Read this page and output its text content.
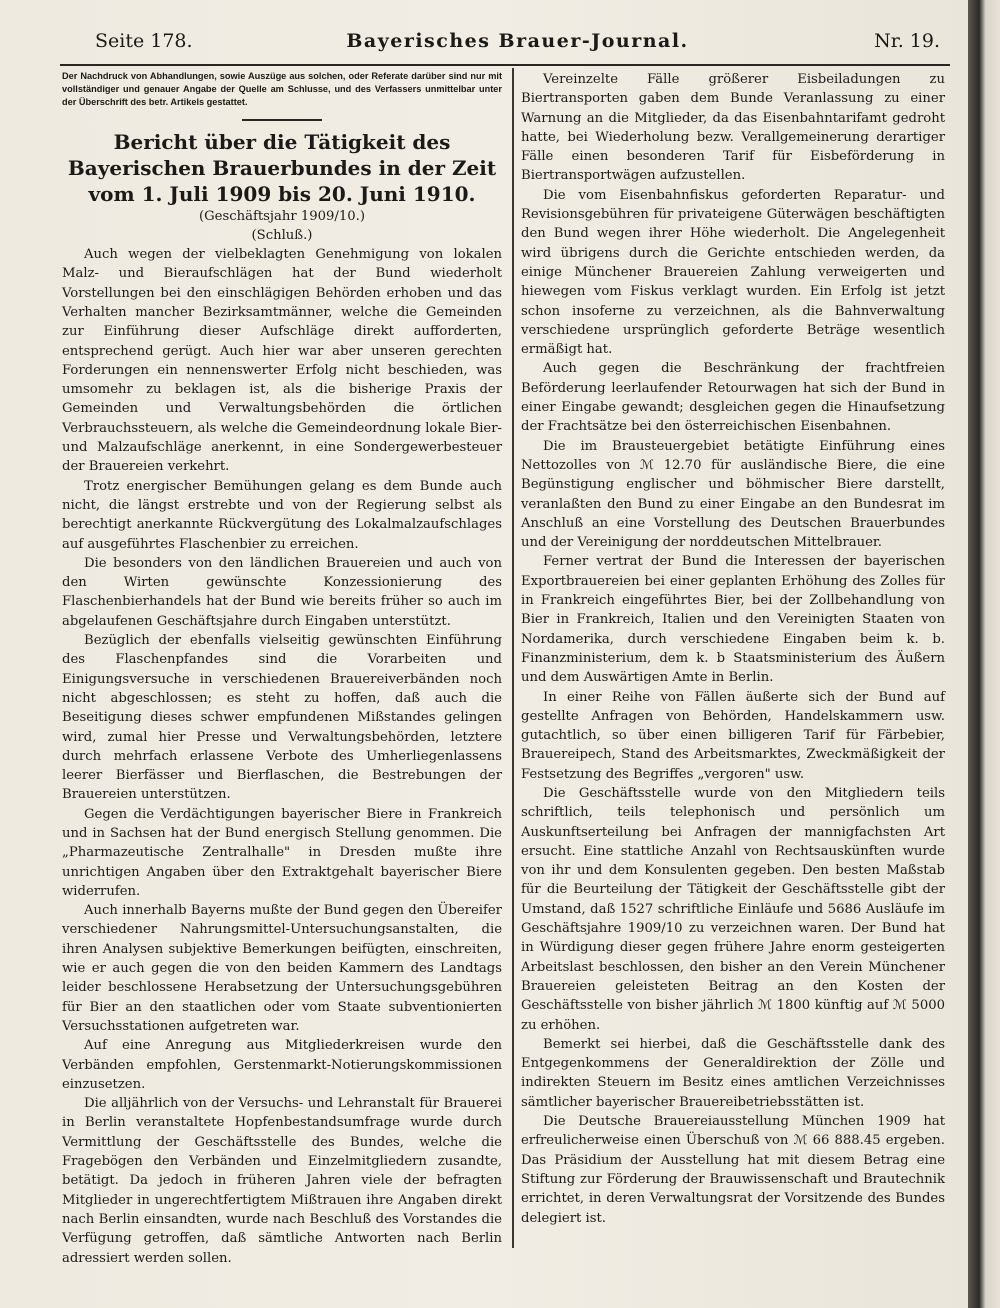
Seite 178.	Bayerisches Brauer-Journal.	Nr. 19.

Der Nachdruck von Abhandlungen, sowie Auszüge aus solchen, oder Referate darüber sind nur mit vollständiger und genauer Angabe der Quelle am Schlusse, und des Verfassers unmittelbar unter der Überschrift des betr. Artikels gestattet.

Bericht über die Tätigkeit des Bayerischen Brauerbundes in der Zeit vom 1. Juli 1909 bis 20. Juni 1910.

(Geschäftsjahr 1909/10.)

(Schluß.)

Auch wegen der vielbeklagten Genehmigung von lokalen Malz- und Bieraufschlägen hat der Bund wiederholt Vorstellungen bei den einschlägigen Behörden erhoben und das Verhalten mancher Bezirksamtmänner, welche die Gemeinden zur Einführung dieser Aufschläge direkt aufforderten, entsprechend gerügt. Auch hier war aber unseren gerechten Forderungen ein nennenswerter Erfolg nicht beschieden, was umsomehr zu beklagen ist, als die bisherige Praxis der Gemeinden und Verwaltungsbehörden die örtlichen Verbrauchssteuern, als welche die Gemeindeordnung lokale Bier- und Malzaufschläge anerkennt, in eine Sondergewerbesteuer der Brauereien verkehrt.

Trotz energischer Bemühungen gelang es dem Bunde auch nicht, die längst erstrebte und von der Regierung selbst als berechtigt anerkannte Rückvergütung des Lokalmalzaufschlages auf ausgeführtes Flaschenbier zu erreichen.

Die besonders von den ländlichen Brauereien und auch von den Wirten gewünschte Konzessionierung des Flaschenbierhandels hat der Bund wie bereits früher so auch im abgelaufenen Geschäftsjahre durch Eingaben unterstützt.

Bezüglich der ebenfalls vielseitig gewünschten Einführung des Flaschenpfandes sind die Vorarbeiten und Einigungsversuche in verschiedenen Brauereiverbänden noch nicht abgeschlossen; es steht zu hoffen, daß auch die Beseitigung dieses schwer empfundenen Mißstandes gelingen wird, zumal hier Presse und Verwaltungsbehörden, letztere durch mehrfach erlassene Verbote des Umherliegenlassens leerer Bierfässer und Bierflaschen, die Bestrebungen der Brauereien unterstützen.

Gegen die Verdächtigungen bayerischer Biere in Frankreich und in Sachsen hat der Bund energisch Stellung genommen. Die „Pharmazeutische Zentralhalle" in Dresden mußte ihre unrichtigen Angaben über den Extraktgehalt bayerischer Biere widerrufen.

Auch innerhalb Bayerns mußte der Bund gegen den Übereifer verschiedener Nahrungsmittel-Untersuchungsanstalten, die ihren Analysen subjektive Bemerkungen beifügten, einschreiten, wie er auch gegen die von den beiden Kammern des Landtags leider beschlossene Herabsetzung der Untersuchungsgebühren für Bier an den staatlichen oder vom Staate subventionierten Versuchsstationen aufgetreten war.

Auf eine Anregung aus Mitgliederkreisen wurde den Verbänden empfohlen, Gerstenmarkt-Notierungskommissionen einzusetzen.

Die alljährlich von der Versuchs- und Lehranstalt für Brauerei in Berlin veranstaltete Hopfenbestandsumfrage wurde durch Vermittlung der Geschäftsstelle des Bundes, welche die Fragebögen den Verbänden und Einzelmitgliedern zusandte, betätigt. Da jedoch in früheren Jahren viele der befragten Mitglieder in ungerechtfertigtem Mißtrauen ihre Angaben direkt nach Berlin einsandten, wurde nach Beschluß des Vorstandes die Verfügung getroffen, daß sämtliche Antworten nach Berlin adressiert werden sollen.

Vereinzelte Fälle größerer Eisbeiladungen zu Biertransporten gaben dem Bunde Veranlassung zu einer Warnung an die Mitglieder, da das Eisenbahntarifamt gedroht hatte, bei Wiederholung bezw. Verallgemeinerung derartiger Fälle einen besonderen Tarif für Eisbeförderung in Biertransportwägen aufzustellen.

Die vom Eisenbahnfiskus geforderten Reparatur- und Revisionsgebühren für privateigene Güterwägen beschäftigten den Bund wegen ihrer Höhe wiederholt. Die Angelegenheit wird übrigens durch die Gerichte entschieden werden, da einige Münchener Brauereien Zahlung verweigerten und hiewegen vom Fiskus verklagt wurden. Ein Erfolg ist jetzt schon insoferne zu verzeichnen, als die Bahnverwaltung verschiedene ursprünglich geforderte Beträge wesentlich ermäßigt hat.

Auch gegen die Beschränkung der frachtfreien Beförderung leerlaufender Retourwagen hat sich der Bund in einer Eingabe gewandt; desgleichen gegen die Hinaufsetzung der Frachtsätze bei den österreichischen Eisenbahnen.

Die im Brausteuergebiet betätigte Einführung eines Nettozolles von ℳ 12.70 für ausländische Biere, die eine Begünstigung englischer und böhmischer Biere darstellt, veranlaßten den Bund zu einer Eingabe an den Bundesrat im Anschluß an eine Vorstellung des Deutschen Brauerbundes und der Vereinigung der norddeutschen Mittelbrauer.

Ferner vertrat der Bund die Interessen der bayerischen Exportbrauereien bei einer geplanten Erhöhung des Zolles für in Frankreich eingeführtes Bier, bei der Zollbehandlung von Bier in Frankreich, Italien und den Vereinigten Staaten von Nordamerika, durch verschiedene Eingaben beim k. b. Finanzministerium, dem k. b Staatsministerium des Äußern und dem Auswärtigen Amte in Berlin.

In einer Reihe von Fällen äußerte sich der Bund auf gestellte Anfragen von Behörden, Handelskammern usw. gutachtlich, so über einen billigeren Tarif für Färbebier, Brauereipech, Stand des Arbeitsmarktes, Zweckmäßigkeit der Festsetzung des Begriffes „vergoren" usw.

Die Geschäftsstelle wurde von den Mitgliedern teils schriftlich, teils telephonisch und persönlich um Auskunftserteilung bei Anfragen der mannigfachsten Art ersucht. Eine stattliche Anzahl von Rechtsauskünften wurde von ihr und dem Konsulenten gegeben. Den besten Maßstab für die Beurteilung der Tätigkeit der Geschäftsstelle gibt der Umstand, daß 1527 schriftliche Einläufe und 5686 Ausläufe im Geschäftsjahre 1909/10 zu verzeichnen waren. Der Bund hat in Würdigung dieser gegen frühere Jahre enorm gesteigerten Arbeitslast beschlossen, den bisher an den Verein Münchener Brauereien geleisteten Beitrag an den Kosten der Geschäftsstelle von bisher jährlich ℳ 1800 künftig auf ℳ 5000 zu erhöhen.

Bemerkt sei hierbei, daß die Geschäftsstelle dank des Entgegenkommens der Generaldirektion der Zölle und indirekten Steuern im Besitz eines amtlichen Verzeichnisses sämtlicher bayerischer Brauereibetriebsstätten ist.

Die Deutsche Brauereiausstellung München 1909 hat erfreulicherweise einen Überschuß von ℳ 66 888.45 ergeben. Das Präsidium der Ausstellung hat mit diesem Betrag eine Stiftung zur Förderung der Brauwissenschaft und Brautechnik errichtet, in deren Verwaltungsrat der Vorsitzende des Bundes delegiert ist.
